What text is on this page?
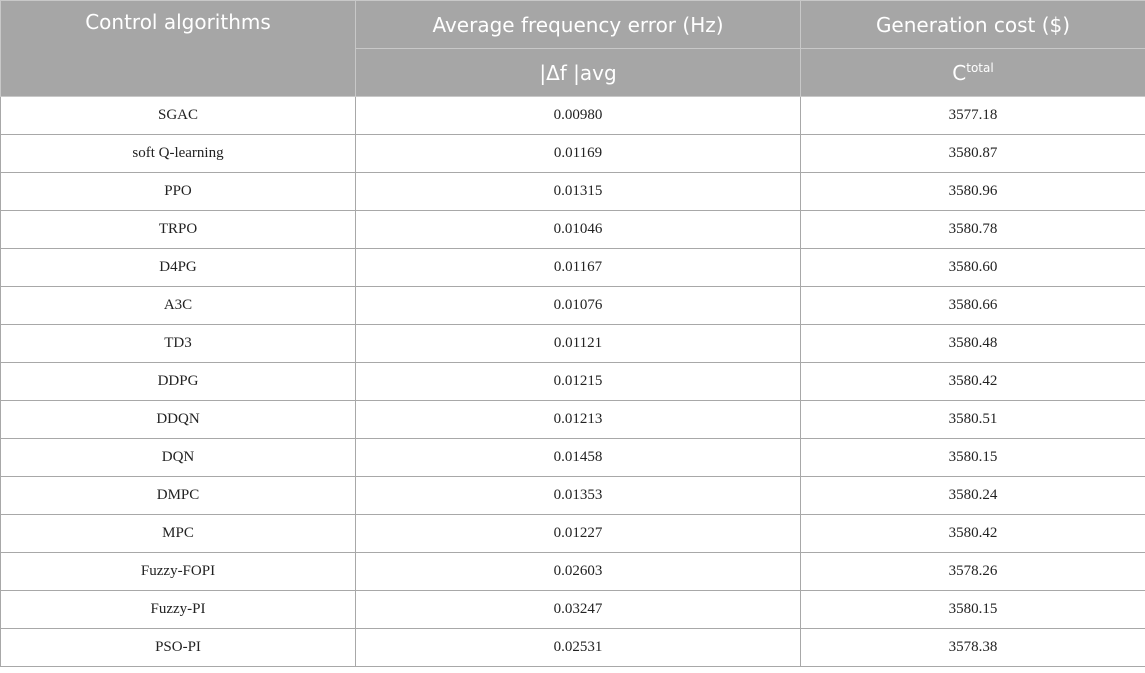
Control algorithms	Average frequency error (Hz)	Generation cost ($)
	|Δf |avg	$C^{total}$
SGAC	0.00980	3577.18
soft Q-learning	0.01169	3580.87
PPO	0.01315	3580.96
TRPO	0.01046	3580.78
D4PG	0.01167	3580.60
A3C	0.01076	3580.66
TD3	0.01121	3580.48
DDPG	0.01215	3580.42
DDQN	0.01213	3580.51
DQN	0.01458	3580.15
DMPC	0.01353	3580.24
MPC	0.01227	3580.42
Fuzzy-FOPI	0.02603	3578.26
Fuzzy-PI	0.03247	3580.15
PSO-PI	0.02531	3578.38
